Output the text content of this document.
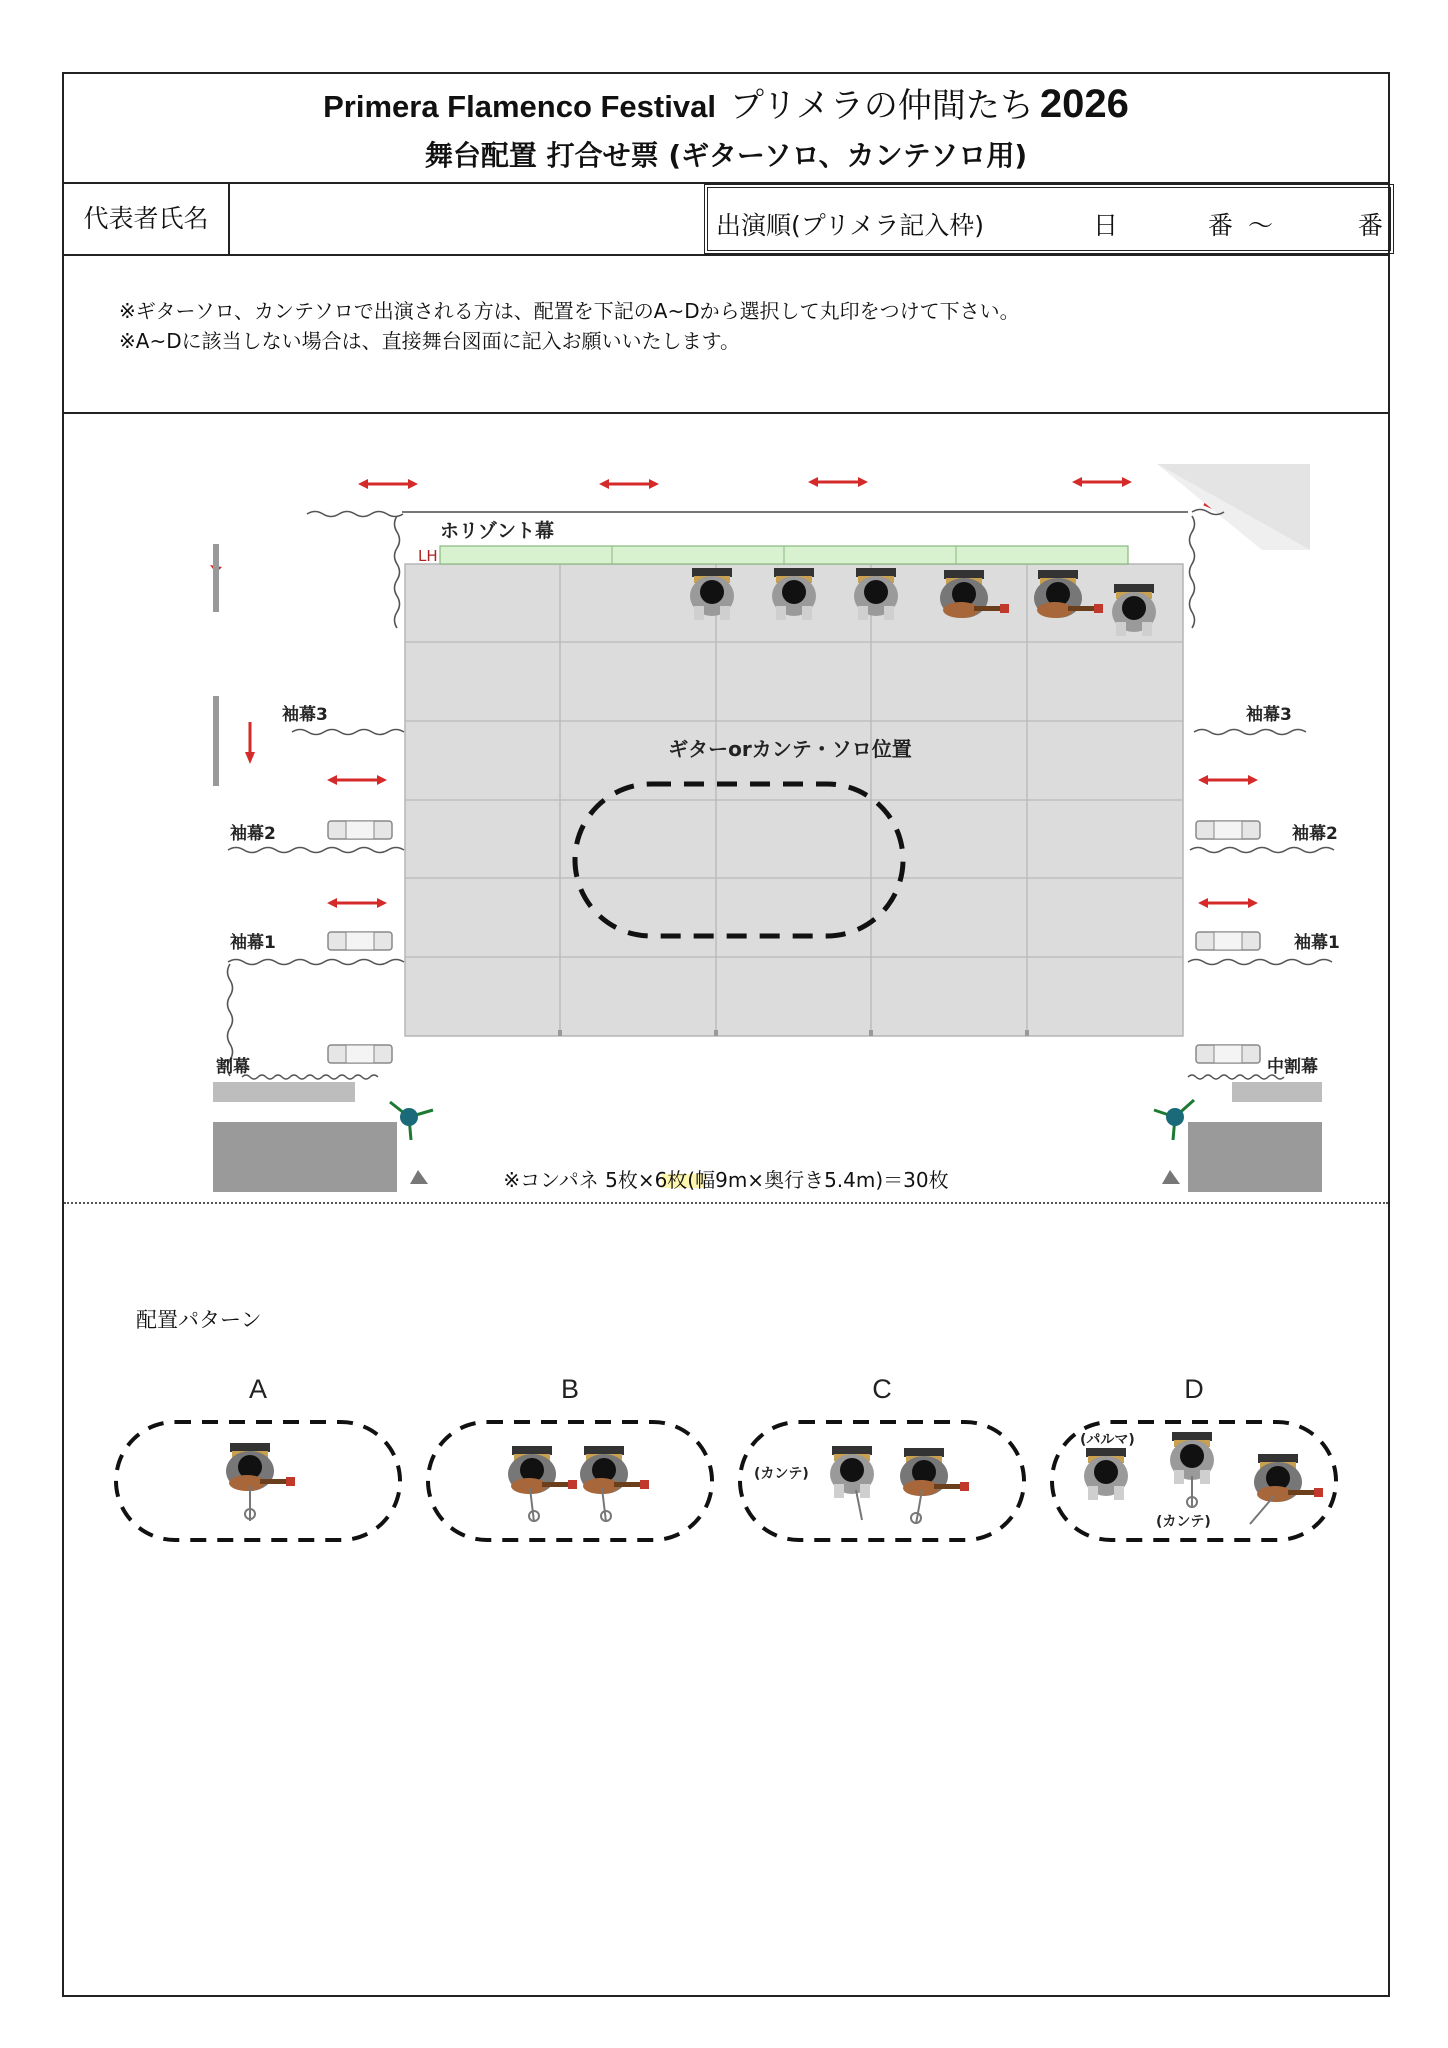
Primera Flamenco Festival プリメラの仲間たち 2026
舞台配置 打合せ票 (ギターソロ、カンテソロ用)
代表者氏名	出演順(プリメラ記入枠)	日	番 ～	番
※ギターソロ、カンテソロで出演される方は、配置を下記のA~Dから選択して丸印をつけて下さい。
※A~Dに該当しない場合は、直接舞台図面に記入お願いいたします。
ホリゾント幕
LH
袖幕3	袖幕3
袖幕2	袖幕2
袖幕1	袖幕1
割幕	中割幕
ギターorカンテ・ソロ位置
※コンパネ 5枚×6枚(幅9m×奥行き5.4m)＝30枚
配置パターン
A	B	C
(カンテ)
D
(パルマ)
(カンテ)
